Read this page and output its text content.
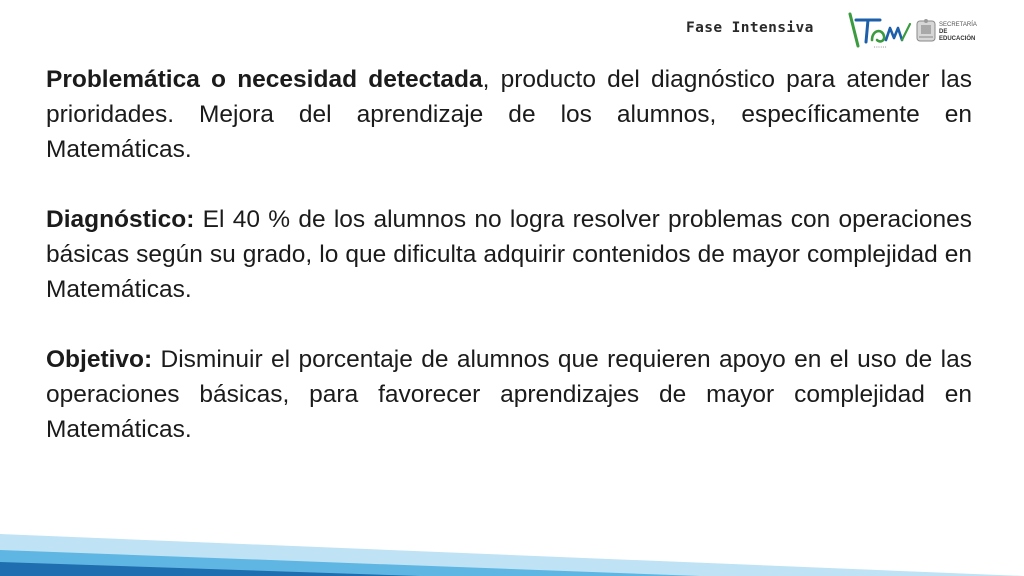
Fase Intensiva
• • • • • •
SECRETARÍA
DE EDUCACIÓN

Problemática o necesidad detectada, producto del diagnóstico para atender las prioridades. Mejora del aprendizaje de los alumnos, específicamente en Matemáticas.

Diagnóstico: El 40 % de los alumnos no logra resolver problemas con operaciones básicas según su grado, lo que dificulta adquirir contenidos de mayor complejidad en Matemáticas.

Objetivo: Disminuir el porcentaje de alumnos que requieren apoyo en el uso de las operaciones básicas, para favorecer aprendizajes de mayor complejidad en Matemáticas.
